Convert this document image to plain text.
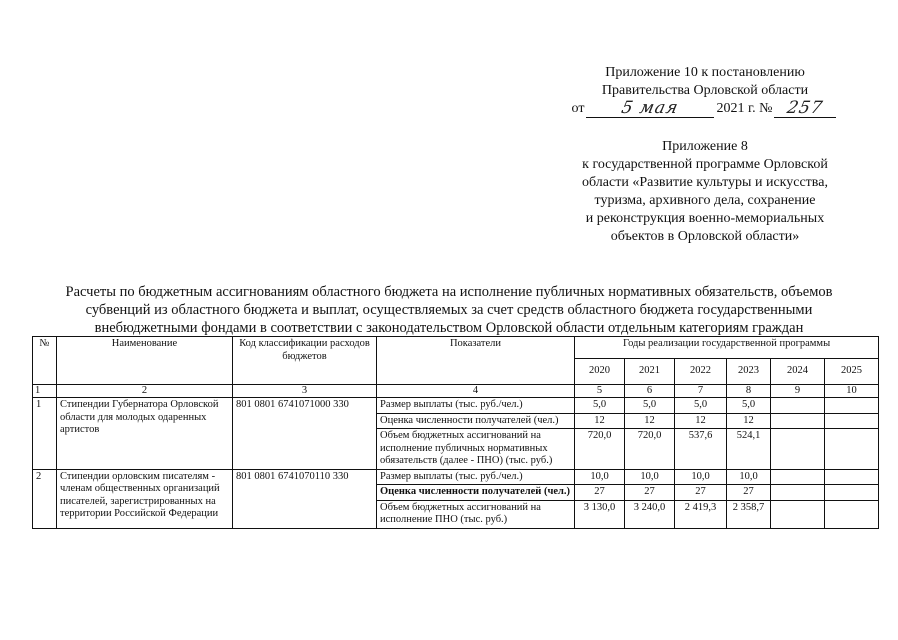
Приложение 10 к постановлению
Правительства Орловской области
от	5 мая	2021 г. № 257
Приложение 8
к государственной программе Орловской
области «Развитие культуры и искусства,
туризма, архивного дела, сохранение
и реконструкция военно-мемориальных
объектов в Орловской области»
Расчеты по бюджетным ассигнованиям областного бюджета на исполнение публичных нормативных обязательств, объемов
субвенций из областного бюджета и выплат, осуществляемых за счет средств областного бюджета государственными
внебюджетными фондами в соответствии с законодательством Орловской области отдельным категориям граждан
№	Наименование	Код классификации расходов бюджетов	Показатели	Годы реализации государственной программы					
				2020	2021	2022	2023	2024	2025
1	2	3	4	5	6	7	8	9	10
1	Стипендии Губернатора Орловской области для молодых одаренных артистов	801 0801 6741071000 330	Размер выплаты (тыс. руб./чел.)	5,0	5,0	5,0	5,0		
			Оценка численности получателей (чел.)	12	12	12	12		
			Объем бюджетных ассигнований на исполнение публичных нормативных обязательств (далее - ПНО) (тыс. руб.)	720,0	720,0	537,6	524,1		
2	Стипендии орловским писателям - членам общественных организаций писателей, зарегистрированных на территории Российской Федерации	801 0801 6741070110 330	Размер выплаты (тыс. руб./чел.)	10,0	10,0	10,0	10,0		
			Оценка численности получателей (чел.)	27	27	27	27		
			Объем бюджетных ассигнований на исполнение ПНО (тыс. руб.)	3 130,0	3 240,0	2 419,3	2 358,7		
